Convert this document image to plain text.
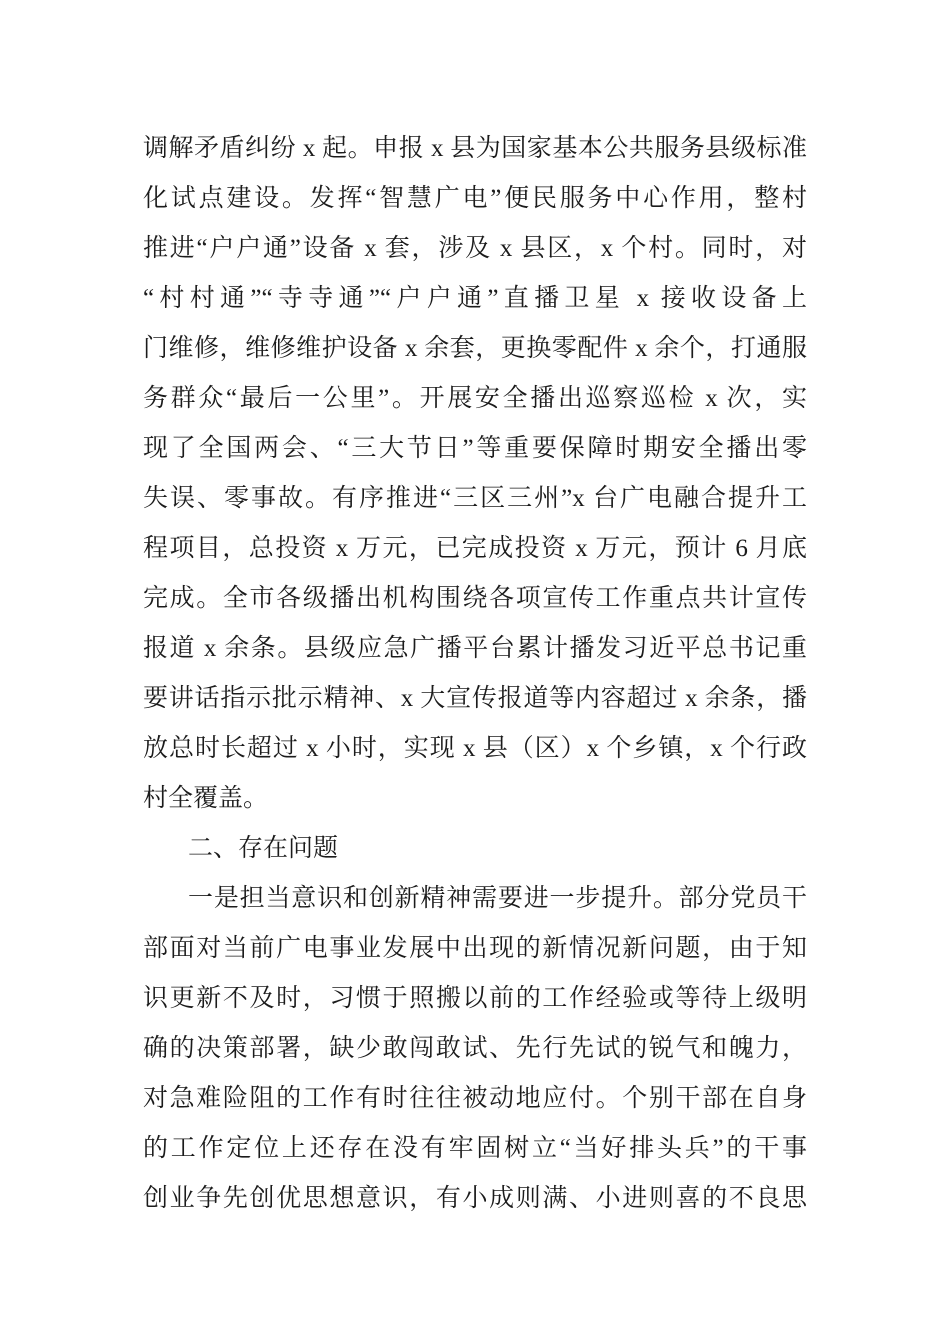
调解矛盾纠纷 x 起。申报 x 县为国家基本公共服务县级标准
化试点建设。发挥“智慧广电”便民服务中心作用，整村
推进“户户通”设备 x 套，涉及 x 县区，x 个村。同时，对
“村村通”“寺寺通”“户户通”直播卫星 x 接收设备上
门维修，维修维护设备 x 余套，更换零配件 x 余个，打通服
务群众“最后一公里”。开展安全播出巡察巡检 x 次，实
现了全国两会、“三大节日”等重要保障时期安全播出零
失误、零事故。有序推进“三区三州”x 台广电融合提升工
程项目，总投资 x 万元，已完成投资 x 万元，预计 6 月底
完成。全市各级播出机构围绕各项宣传工作重点共计宣传
报道 x 余条。县级应急广播平台累计播发习近平总书记重
要讲话指示批示精神、x 大宣传报道等内容超过 x 余条，播
放总时长超过 x 小时，实现 x 县（区）x 个乡镇，x 个行政
村全覆盖。
二、存在问题
一是担当意识和创新精神需要进一步提升。部分党员干
部面对当前广电事业发展中出现的新情况新问题，由于知
识更新不及时，习惯于照搬以前的工作经验或等待上级明
确的决策部署，缺少敢闯敢试、先行先试的锐气和魄力，
对急难险阻的工作有时往往被动地应付。个别干部在自身
的工作定位上还存在没有牢固树立“当好排头兵”的干事
创业争先创优思想意识，有小成则满、小进则喜的不良思
